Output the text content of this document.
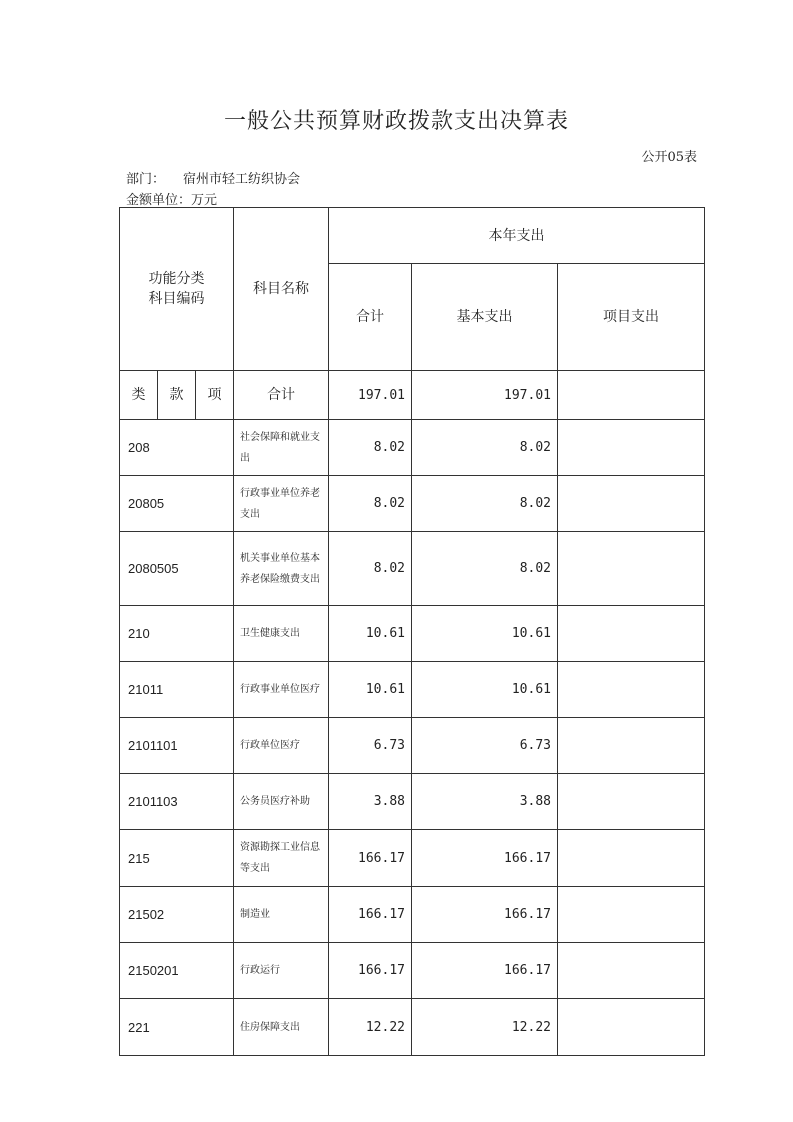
一般公共预算财政拨款支出决算表
公开05表
部门： 宿州市轻工纺织协会
金额单位：万元
功能分类
科目编码			科目名称	本年支出		
				合计	基本支出	项目支出

类	款	项	合计	197.01	197.01	
208			社会保障和就业支出	8.02	8.02	
20805			行政事业单位养老支出	8.02	8.02	
2080505			机关事业单位基本养老保险缴费支出	8.02	8.02	
210			卫生健康支出	10.61	10.61	
21011			行政事业单位医疗	10.61	10.61	
2101101			行政单位医疗	6.73	6.73	
2101103			公务员医疗补助	3.88	3.88	
215			资源勘探工业信息等支出	166.17	166.17	
21502			制造业	166.17	166.17	
2150201			行政运行	166.17	166.17	
221			住房保障支出	12.22	12.22	
